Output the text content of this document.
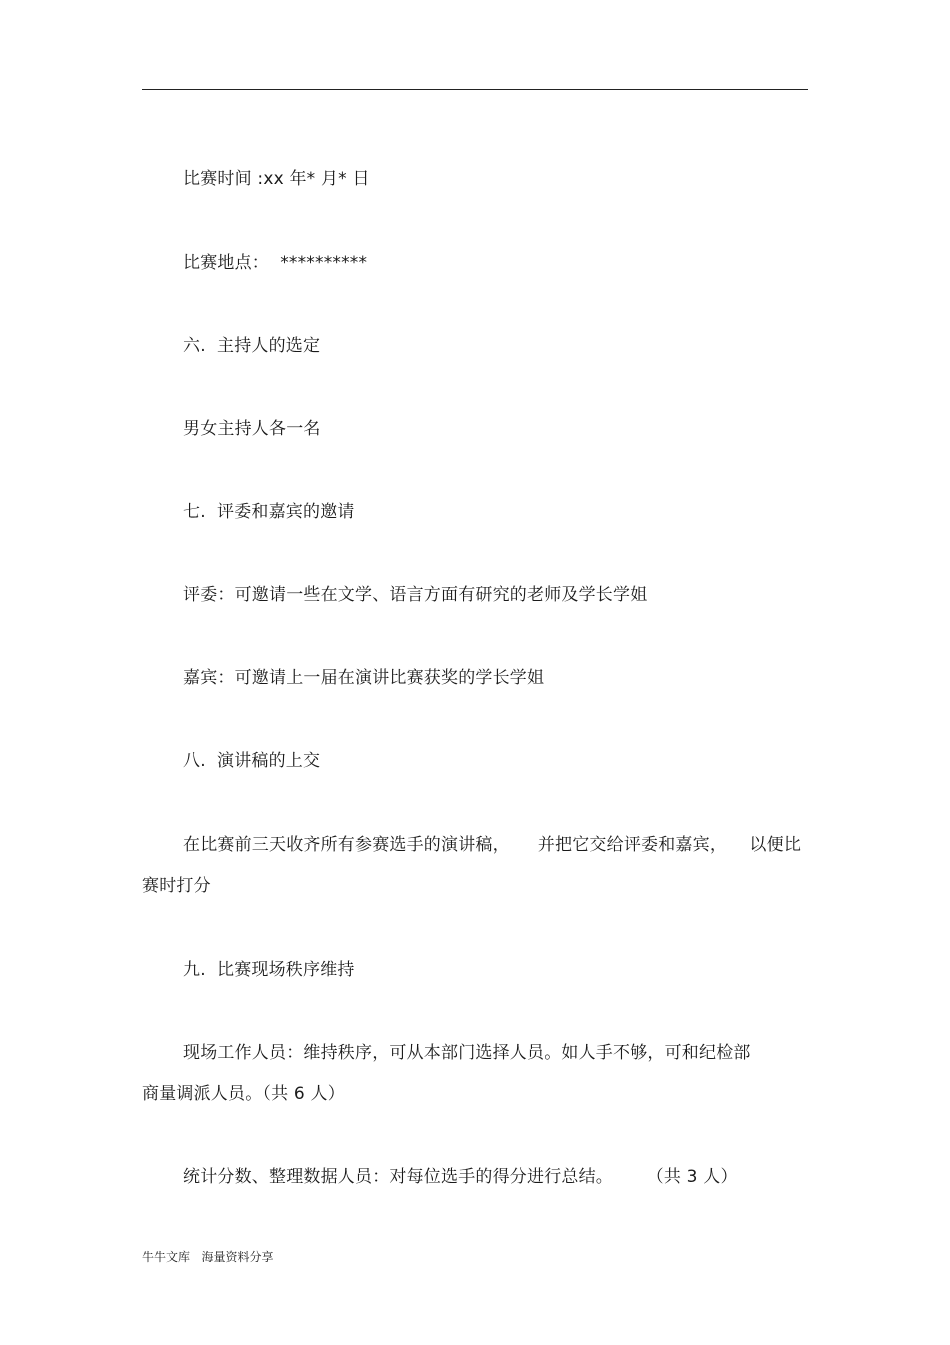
比赛时间 :xx 年* 月* 日
比赛地点：  **********
六.  主持人的选定
男女主持人各一名
七.  评委和嘉宾的邀请
评委：可邀请一些在文学、语言方面有研究的老师及学长学姐
嘉宾：可邀请上一届在演讲比赛获奖的学长学姐
八.  演讲稿的上交
在比赛前三天收齐所有参赛选手的演讲稿，     并把它交给评委和嘉宾，    以便比
赛时打分
九.  比赛现场秩序维持
现场工作人员：维持秩序，可从本部门选择人员。如人手不够，可和纪检部
商量调派人员。（共 6 人）
统计分数、整理数据人员：对每位选手的得分进行总结。      （共 3 人）
牛牛文库   海量资料分享
